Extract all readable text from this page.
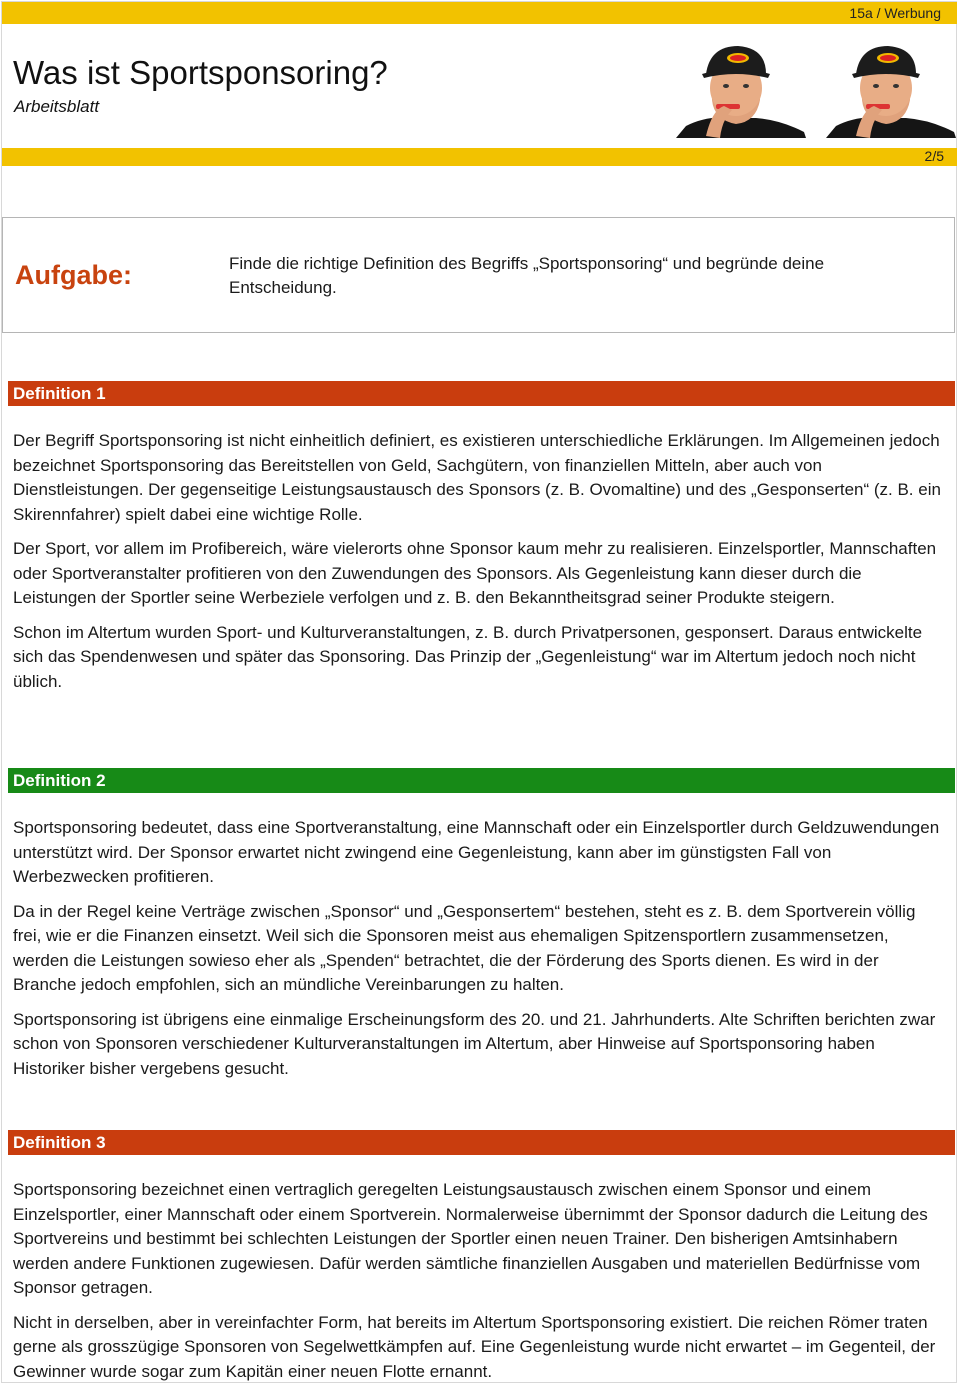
15a / Werbung
Was ist Sportsponsoring?
Arbeitsblatt
2/5
Aufgabe:	Finde die richtige Definition des Begriffs „Sportsponsoring“ und begründe deine Entscheidung.
Definition 1

Der Begriff Sportsponsoring ist nicht einheitlich definiert, es existieren unterschiedliche Erklärungen. Im Allgemeinen jedoch bezeichnet Sportsponsoring das Bereitstellen von Geld, Sachgütern, von finanziellen Mitteln, aber auch von Dienstleistungen. Der gegenseitige Leistungsaustausch des Sponsors (z. B. Ovomaltine) und des „Gesponserten“ (z. B. ein Skirennfahrer) spielt dabei eine wichtige Rolle.

Der Sport, vor allem im Profibereich, wäre vielerorts ohne Sponsor kaum mehr zu realisieren. Einzelsportler, Mannschaften oder Sportveranstalter profitieren von den Zuwendungen des Sponsors. Als Gegenleistung kann dieser durch die Leistungen der Sportler seine Werbeziele verfolgen und z. B. den Bekanntheitsgrad seiner Produkte steigern.

Schon im Altertum wurden Sport- und Kulturveranstaltungen, z. B. durch Privatpersonen, gesponsert. Daraus entwickelte sich das Spendenwesen und später das Sponsoring. Das Prinzip der „Gegenleistung“ war im Altertum jedoch noch nicht üblich.

Definition 2

Sportsponsoring bedeutet, dass eine Sportveranstaltung, eine Mannschaft oder ein Einzelsportler durch Geldzuwendungen unterstützt wird. Der Sponsor erwartet nicht zwingend eine Gegenleistung, kann aber im günstigsten Fall von Werbezwecken profitieren.

Da in der Regel keine Verträge zwischen „Sponsor“ und „Gesponsertem“ bestehen, steht es z. B. dem Sportverein völlig frei, wie er die Finanzen einsetzt. Weil sich die Sponsoren meist aus ehemaligen Spitzensportlern zusammensetzen, werden die Leistungen sowieso eher als „Spenden“ betrachtet, die der Förderung des Sports dienen. Es wird in der Branche jedoch empfohlen, sich an mündliche Vereinbarungen zu halten.

Sportsponsoring ist übrigens eine einmalige Erscheinungsform des 20. und 21. Jahrhunderts. Alte Schriften berichten zwar schon von Sponsoren verschiedener Kulturveranstaltungen im Altertum, aber Hinweise auf Sportsponsoring haben Historiker bisher vergebens gesucht.

Definition 3

Sportsponsoring bezeichnet einen vertraglich geregelten Leistungsaustausch zwischen einem Sponsor und einem Einzelsportler, einer Mannschaft oder einem Sportverein. Normalerweise übernimmt der Sponsor dadurch die Leitung des Sportvereins und bestimmt bei schlechten Leistungen der Sportler einen neuen Trainer. Den bisherigen Amtsinhabern werden andere Funktionen zugewiesen. Dafür werden sämtliche finanziellen Ausgaben und materiellen Bedürfnisse vom Sponsor getragen.

Nicht in derselben, aber in vereinfachter Form, hat bereits im Altertum Sportsponsoring existiert. Die reichen Römer traten gerne als grosszügige Sponsoren von Segelwettkämpfen auf. Eine Gegenleistung wurde nicht erwartet – im Gegenteil, der Gewinner wurde sogar zum Kapitän einer neuen Flotte ernannt.
